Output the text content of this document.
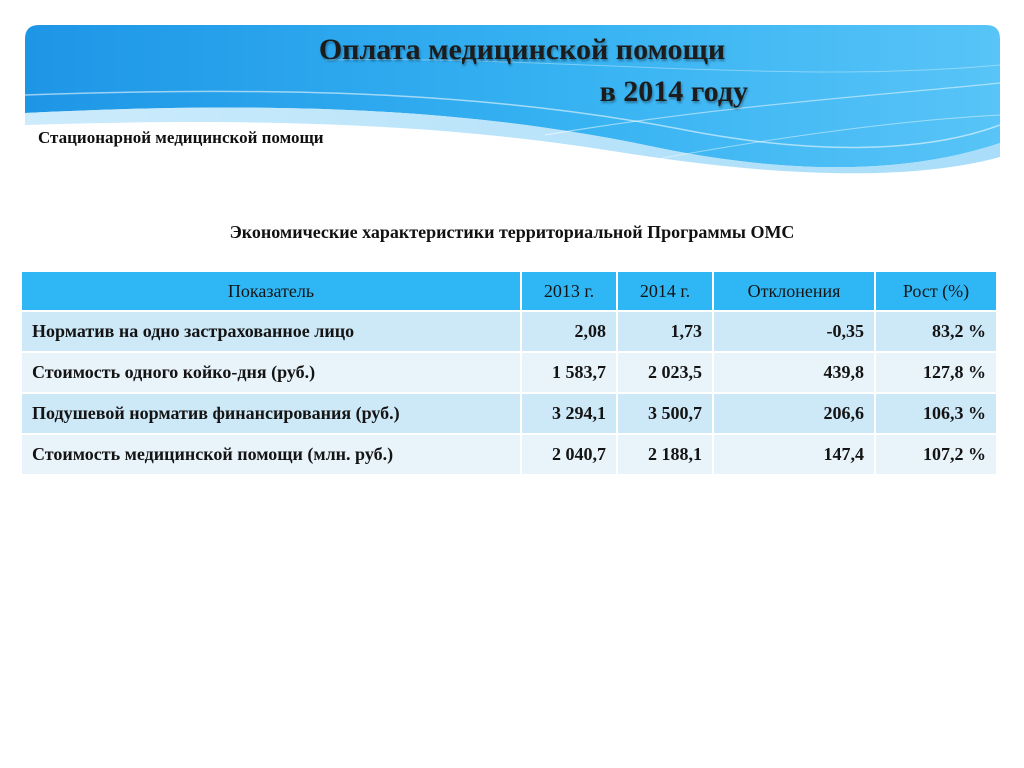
Оплата медицинской помощи
в 2014 году
Стационарной медицинской помощи
Экономические характеристики территориальной Программы ОМС
Показатель	2013 г.	2014 г.	Отклонения	Рост (%)
Норматив на одно застрахованное лицо	2,08	1,73	-0,35	83,2 %
Стоимость одного койко-дня (руб.)	1 583,7	2 023,5	439,8	127,8 %
Подушевой норматив финансирования (руб.)	3 294,1	3 500,7	206,6	106,3 %
Стоимость медицинской помощи (млн. руб.)	2 040,7	2 188,1	147,4	107,2 %
